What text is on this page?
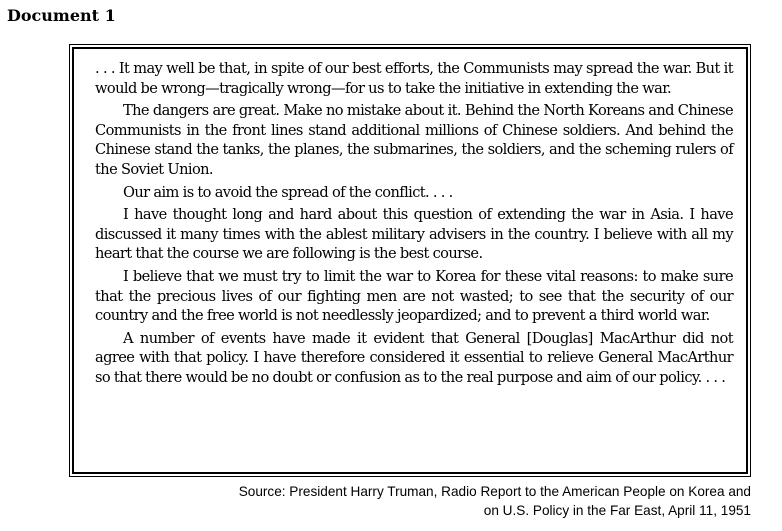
Document 1

. . . It may well be that, in spite of our best efforts, the Communists may spread the war. But it would be wrong—tragically wrong—for us to take the initiative in extending the war.

The dangers are great. Make no mistake about it. Behind the North Koreans and Chinese Communists in the front lines stand additional millions of Chinese soldiers. And behind the Chinese stand the tanks, the planes, the submarines, the soldiers, and the scheming rulers of the Soviet Union.

Our aim is to avoid the spread of the conflict. . . .

I have thought long and hard about this question of extending the war in Asia. I have discussed it many times with the ablest military advisers in the country. I believe with all my heart that the course we are following is the best course.

I believe that we must try to limit the war to Korea for these vital reasons: to make sure that the precious lives of our fighting men are not wasted; to see that the security of our country and the free world is not needlessly jeopardized; and to prevent a third world war.

A number of events have made it evident that General [Douglas] MacArthur did not agree with that policy. I have therefore considered it essential to relieve General MacArthur so that there would be no doubt or confusion as to the real purpose and aim of our policy. . . .

Source: President Harry Truman, Radio Report to the American People on Korea and
on U.S. Policy in the Far East, April 11, 1951
